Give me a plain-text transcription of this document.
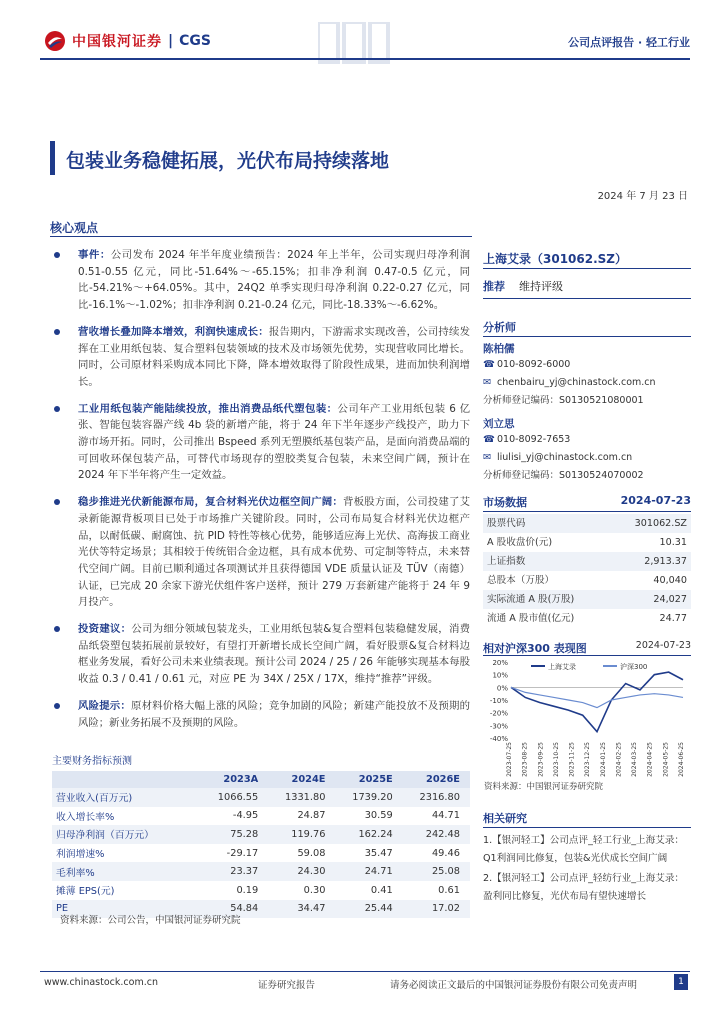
中国银河证券 | CGS	公司点评报告 · 轻工行业
包装业务稳健拓展，光伏布局持续落地
2024 年 7 月 23 日
核心观点
事件：公司发布 2024 年半年度业绩预告：2024 年上半年，公司实现归母净利润 0.51-0.55 亿元，同比-51.64%～-65.15%；扣非净利润 0.47-0.5 亿元，同比-54.21%～+64.05%。其中，24Q2 单季实现归母净利润 0.22-0.27 亿元，同比-16.1%～-1.02%；扣非净利润 0.21-0.24 亿元，同比-18.33%～-6.62%。
营收增长叠加降本增效，利润快速成长：报告期内，下游需求实现改善，公司持续发挥在工业用纸包装、复合塑料包装领域的技术及市场领先优势，实现营收同比增长。同时，公司原材料采购成本同比下降，降本增效取得了阶段性成果，进而加快利润增长。
工业用纸包装产能陆续投放，推出消费品纸代塑包装：公司年产工业用纸包装 6 亿张、智能包装容器产线 4b 袋的新增产能，将于 24 年下半年逐步产线投产，助力下游市场开拓。同时，公司推出 Bspeed 系列无塑膜纸基包装产品，是面向消费品端的可回收环保包装产品，可替代市场现存的塑胶类复合包装，未来空间广阔，预计在 2024 年下半年将产生一定效益。
稳步推进光伏新能源布局，复合材料光伏边框空间广阔：背板股方面，公司投建了艾录新能源背板项目已处于市场推广关键阶段。同时，公司布局复合材料光伏边框产品，以耐低碳、耐腐蚀、抗 PID 特性等核心优势，能够适应海上光伏、高海拔工商业光伏等特定场景；其相较于传统铝合金边框，具有成本优势、可定制等特点，未来替代空间广阔。目前已顺利通过各项测试并且获得德国 VDE 质量认证及 TÜV（南德）认证，已完成 20 余家下游光伏组件客户送样，预计 279 万套新建产能将于 24 年 9 月投产。
投资建议：公司为细分领域包装龙头，工业用纸包装&复合塑料包装稳健发展，消费品纸袋塑包装拓展前景较好，有望打开新增长成长空间广阔，看好股票&复合材料边框业务发展，看好公司未来业绩表现。预计公司 2024 / 25 / 26 年能够实现基本每股收益 0.3 / 0.41 / 0.61 元，对应 PE 为 34X / 25X / 17X，维持“推荐”评级。
风险提示：原材料价格大幅上涨的风险；竞争加剧的风险；新建产能投放不及预期的风险；新业务拓展不及预期的风险。
主要财务指标预测
	2023A	2024E	2025E	2026E
营业收入(百万元)	1066.55	1331.80	1739.20	2316.80
收入增长率%	-4.95	24.87	30.59	44.71
归母净利润（百万元）	75.28	119.76	162.24	242.48
利润增速%	-29.17	59.08	35.47	49.46
毛利率%	23.37	24.30	24.71	25.08
摊薄 EPS(元)	0.19	0.30	0.41	0.61
PE	54.84	34.47	25.44	17.02
资料来源：公司公告，中国银河证券研究院
上海艾录（301062.SZ）
推荐 维持评级
分析师
陈柏儒
☎ 010-8092-6000
✉ chenbairu_yj@chinastock.com.cn
分析师登记编码：S0130521080001
刘立思
☎ 010-8092-7653
✉ liulisi_yj@chinastock.com.cn
分析师登记编码：S0130524070002
市场数据	2024-07-23
股票代码	301062.SZ
A 股收盘价(元)	10.31
上证指数	2,913.37
总股本（万股）	40,040
实际流通 A 股(万股)	24,027
流通 A 股市值(亿元)	24.77
相对沪深300 表现图	2024-07-23
20%
10%
0%
-10%
-20%
-30%
-40%
上海艾录	沪深300
2023-07-25 2023-08-25 2023-09-25 2023-10-25 2023-11-25 2023-12-25 2024-01-25 2024-02-25 2024-03-25 2024-04-25 2024-05-25 2024-06-25
资料来源：中国银河证券研究院
相关研究
1.【银河轻工】公司点评_轻工行业_上海艾录：Q1利润同比修复，包装&光伏成长空间广阔
2.【银河轻工】公司点评_轻纺行业_上海艾录：盈利同比修复，光伏布局有望快速增长
www.chinastock.com.cn	证券研究报告	请务必阅读正文最后的中国银河证券股份有限公司免责声明	1
